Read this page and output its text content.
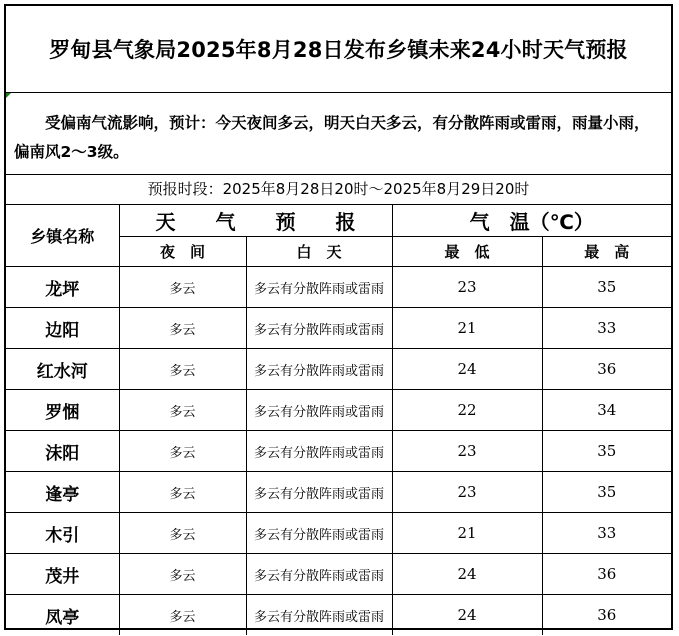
罗甸县气象局2025年8月28日发布乡镇未来24小时天气预报
受偏南气流影响，预计：今天夜间多云，明天白天多云，有分散阵雨或雷雨，雨量小雨，偏南风2～3级。
预报时段：2025年8月28日20时～2025年8月29日20时
乡镇名称	天　　气　　预　　报		气　温（℃）	
	夜　间	白　天	最　低	最　高
龙坪	多云	多云有分散阵雨或雷雨	23	35
边阳	多云	多云有分散阵雨或雷雨	21	33
红水河	多云	多云有分散阵雨或雷雨	24	36
罗悃	多云	多云有分散阵雨或雷雨	22	34
沫阳	多云	多云有分散阵雨或雷雨	23	35
逢亭	多云	多云有分散阵雨或雷雨	23	35
木引	多云	多云有分散阵雨或雷雨	21	33
茂井	多云	多云有分散阵雨或雷雨	24	36
凤亭	多云	多云有分散阵雨或雷雨	24	36
